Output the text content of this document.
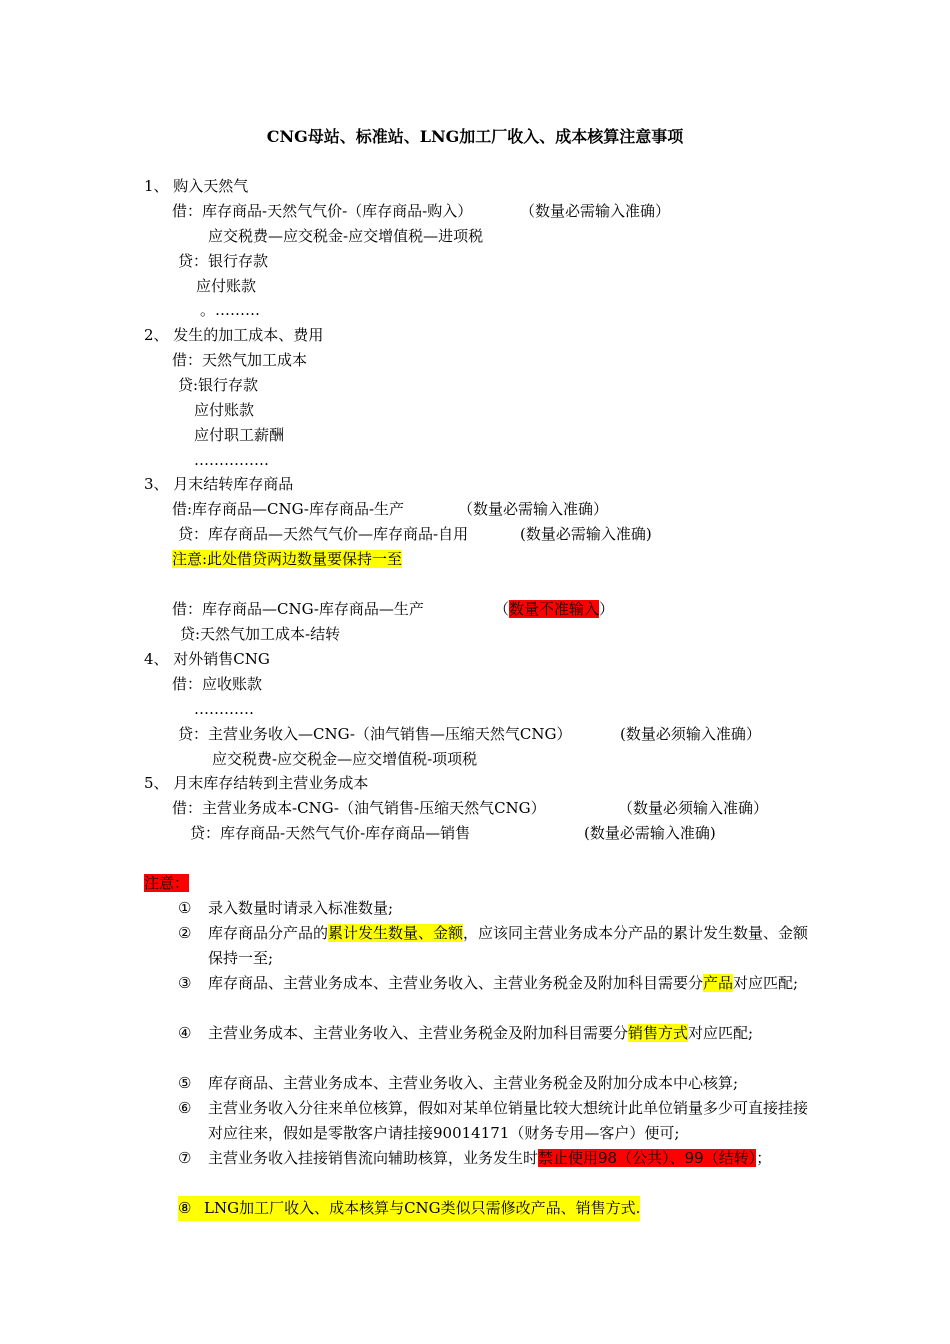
CNG母站、标准站、LNG加工厂收入、成本核算注意事项
1、 购入天然气
借：库存商品-天然气气价-（库存商品-购入）	（数量必需输入准确）
应交税费—应交税金-应交增值税—进项税
贷：银行存款
应付账款
。………
2、 发生的加工成本、费用
借：天然气加工成本
贷:银行存款
应付账款
应付职工薪酬
……………
3、 月末结转库存商品
借:库存商品—CNG-库存商品-生产	（数量必需输入准确）
贷：库存商品—天然气气价—库存商品-自用	(数量必需输入准确)
注意:此处借贷两边数量要保持一至
借：库存商品—CNG-库存商品—生产	（数量不准输入）
贷:天然气加工成本-结转
4、 对外销售CNG
借：应收账款
…………
贷：主营业务收入—CNG-（油气销售—压缩天然气CNG）	(数量必须输入准确）
应交税费-应交税金—应交增值税-项项税
5、 月末库存结转到主营业务成本
借：主营业务成本-CNG-（油气销售-压缩天然气CNG）	（数量必须输入准确）
贷：库存商品-天然气气价-库存商品—销售	(数量必需输入准确)
注意：
①	录入数量时请录入标准数量;
②	库存商品分产品的累计发生数量、金额，应该同主营业务成本分产品的累计发生数量、金额保持一至;
③	库存商品、主营业务成本、主营业务收入、主营业务税金及附加科目需要分产品对应匹配;
④	主营业务成本、主营业务收入、主营业务税金及附加科目需要分销售方式对应匹配;
⑤	库存商品、主营业务成本、主营业务收入、主营业务税金及附加分成本中心核算;
⑥	主营业务收入分往来单位核算，假如对某单位销量比较大想统计此单位销量多少可直接挂接对应往来，假如是零散客户请挂接90014171（财务专用—客户）便可;
⑦	主营业务收入挂接销售流向辅助核算，业务发生时禁止使用98（公共）、99（结转）；
⑧ LNG加工厂收入、成本核算与CNG类似只需修改产品、销售方式.
